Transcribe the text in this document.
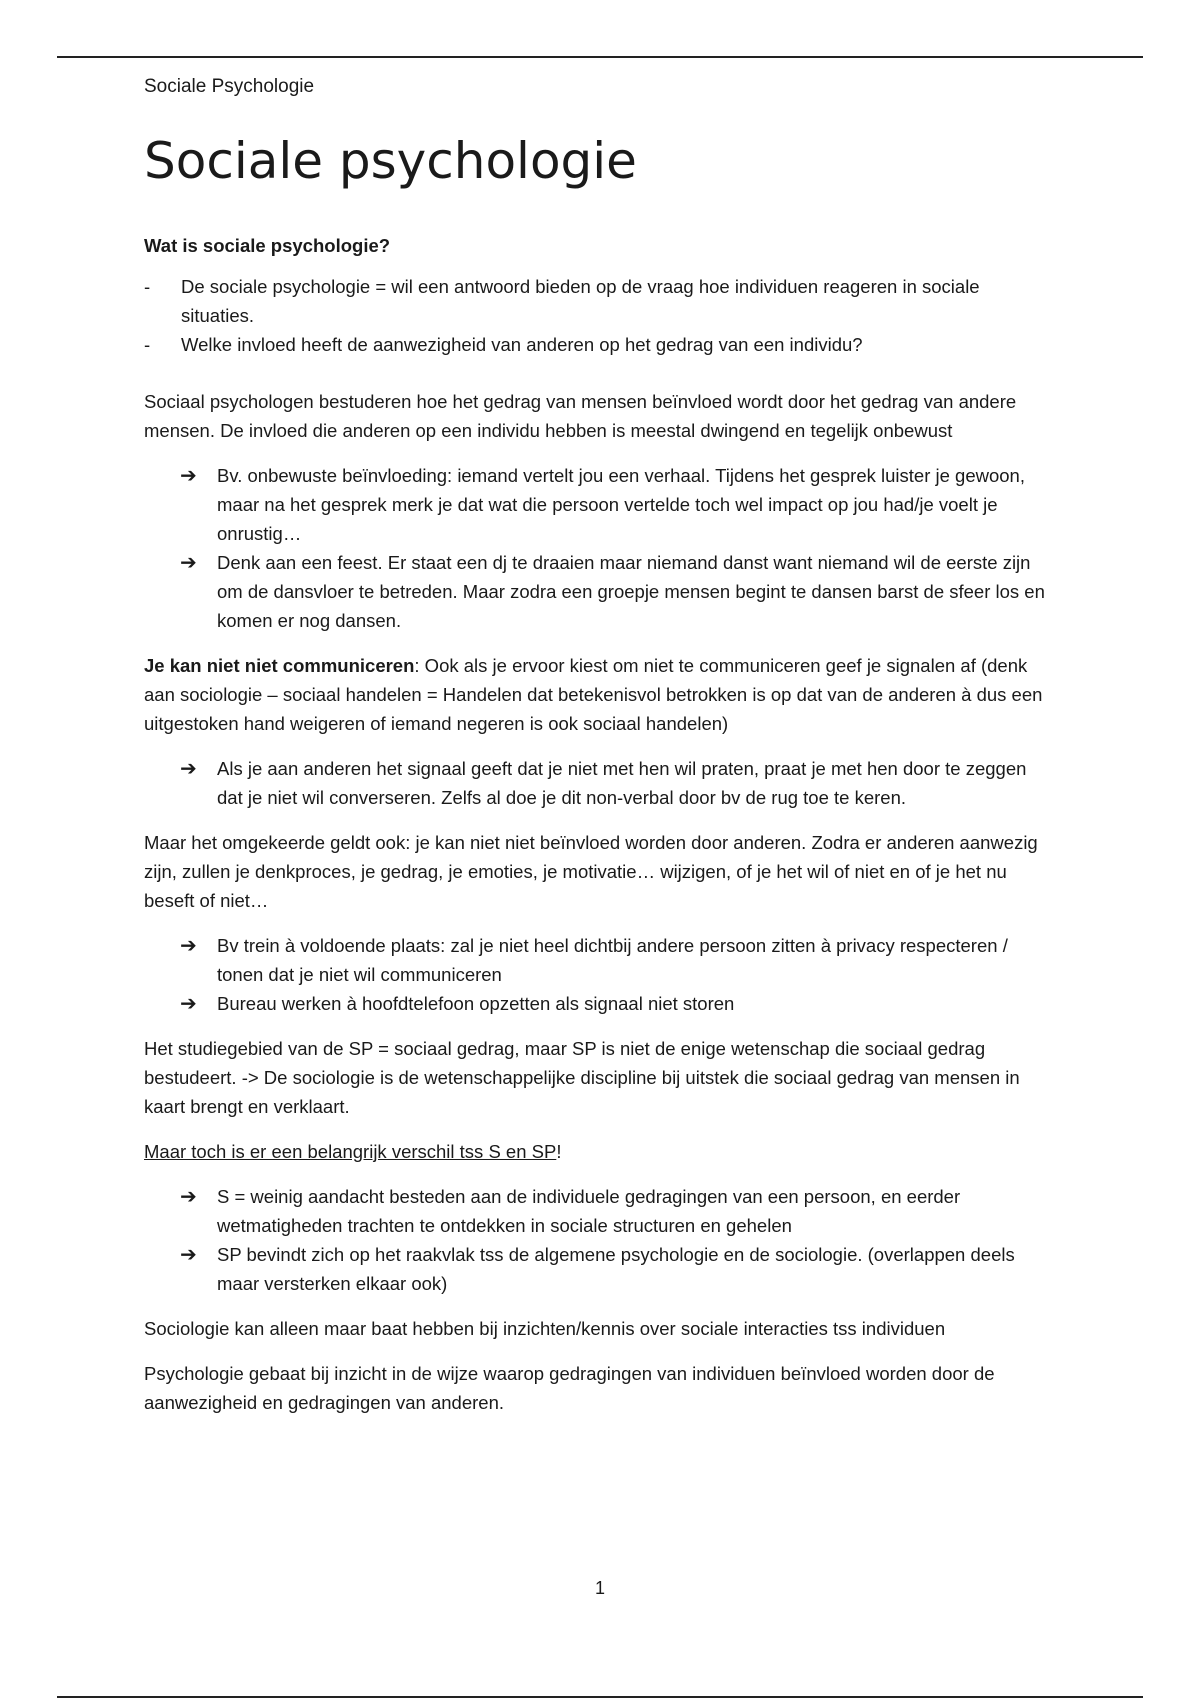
Sociale Psychologie
Sociale psychologie
Wat is sociale psychologie?
- De sociale psychologie = wil een antwoord bieden op de vraag hoe individuen reageren in sociale situaties.
- Welke invloed heeft de aanwezigheid van anderen op het gedrag van een individu?

Sociaal psychologen bestuderen hoe het gedrag van mensen beïnvloed wordt door het gedrag van andere mensen. De invloed die anderen op een individu hebben is meestal dwingend en tegelijk onbewust

➔ Bv. onbewuste beïnvloeding: iemand vertelt jou een verhaal. Tijdens het gesprek luister je gewoon, maar na het gesprek merk je dat wat die persoon vertelde toch wel impact op jou had/je voelt je onrustig…
➔ Denk aan een feest. Er staat een dj te draaien maar niemand danst want niemand wil de eerste zijn om de dansvloer te betreden. Maar zodra een groepje mensen begint te dansen barst de sfeer los en komen er nog dansen.

Je kan niet niet communiceren: Ook als je ervoor kiest om niet te communiceren geef je signalen af (denk aan sociologie – sociaal handelen = Handelen dat betekenisvol betrokken is op dat van de anderen à dus een uitgestoken hand weigeren of iemand negeren is ook sociaal handelen)

➔ Als je aan anderen het signaal geeft dat je niet met hen wil praten, praat je met hen door te zeggen dat je niet wil converseren. Zelfs al doe je dit non-verbal door bv de rug toe te keren.

Maar het omgekeerde geldt ook: je kan niet niet beïnvloed worden door anderen. Zodra er anderen aanwezig zijn, zullen je denkproces, je gedrag, je emoties, je motivatie… wijzigen, of je het wil of niet en of je het nu beseft of niet…

➔ Bv trein à voldoende plaats: zal je niet heel dichtbij andere persoon zitten à privacy respecteren / tonen dat je niet wil communiceren
➔ Bureau werken à hoofdtelefoon opzetten als signaal niet storen

Het studiegebied van de SP = sociaal gedrag, maar SP is niet de enige wetenschap die sociaal gedrag bestudeert. -> De sociologie is de wetenschappelijke discipline bij uitstek die sociaal gedrag van mensen in kaart brengt en verklaart.

Maar toch is er een belangrijk verschil tss S en SP!

➔ S = weinig aandacht besteden aan de individuele gedragingen van een persoon, en eerder wetmatigheden trachten te ontdekken in sociale structuren en gehelen
➔ SP bevindt zich op het raakvlak tss de algemene psychologie en de sociologie. (overlappen deels maar versterken elkaar ook)

Sociologie kan alleen maar baat hebben bij inzichten/kennis over sociale interacties tss individuen

Psychologie gebaat bij inzicht in de wijze waarop gedragingen van individuen beïnvloed worden door de aanwezigheid en gedragingen van anderen.

1
